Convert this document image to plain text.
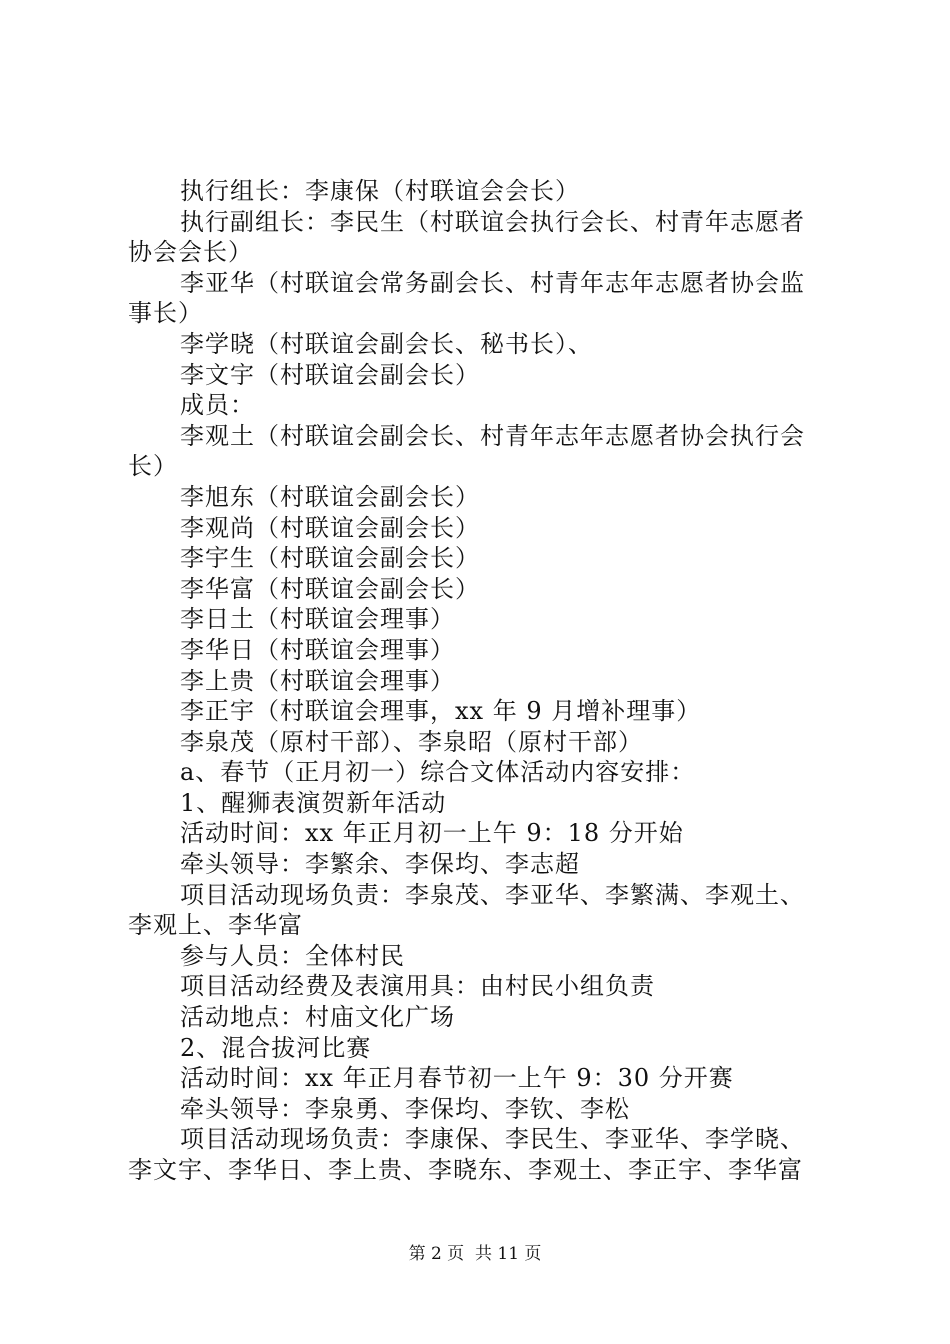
执行组长：李康保（村联谊会会长）
执行副组长：李民生（村联谊会执行会长、村青年志愿者
协会会长）
李亚华（村联谊会常务副会长、村青年志年志愿者协会监
事长）
李学晓（村联谊会副会长、秘书长）、
李文宇（村联谊会副会长）
成员：
李观土（村联谊会副会长、村青年志年志愿者协会执行会
长）
李旭东（村联谊会副会长）
李观尚（村联谊会副会长）
李宇生（村联谊会副会长）
李华富（村联谊会副会长）
李日土（村联谊会理事）
李华日（村联谊会理事）
李上贵（村联谊会理事）
李正宇（村联谊会理事，xx 年 9 月增补理事）
李泉茂（原村干部）、李泉昭（原村干部）
a、春节（正月初一）综合文体活动内容安排：
1、醒狮表演贺新年活动
活动时间：xx 年正月初一上午 9：18 分开始
牵头领导：李繁余、李保均、李志超
项目活动现场负责：李泉茂、李亚华、李繁满、李观土、
李观上、李华富
参与人员：全体村民
项目活动经费及表演用具：由村民小组负责
活动地点：村庙文化广场
2、混合拔河比赛
活动时间：xx 年正月春节初一上午 9：30 分开赛
牵头领导：李泉勇、李保均、李钦、李松
项目活动现场负责：李康保、李民生、李亚华、李学晓、
李文宇、李华日、李上贵、李晓东、李观土、李正宇、李华富
第 2 页  共 11 页
